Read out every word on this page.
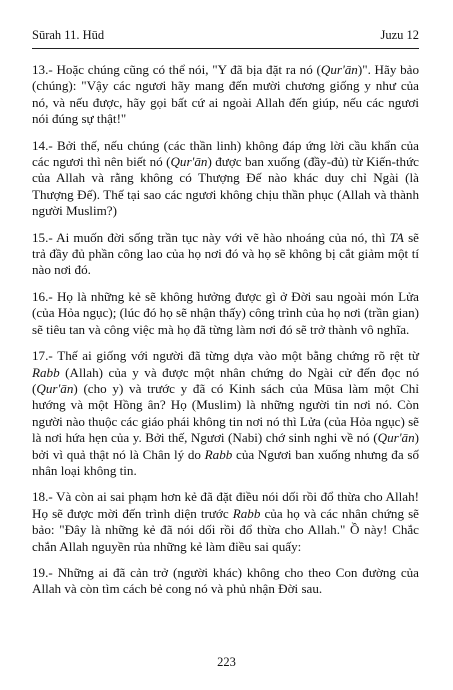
Sūrah 11. Hūd	Juzu 12

13.- Hoặc chúng cũng có thể nói, "Y đã bịa đặt ra nó (Qur'ān)". Hãy bảo (chúng): "Vậy các ngươi hãy mang đến mười chương giống y như của nó, và nếu được, hãy gọi bất cứ ai ngoài Allah đến giúp, nếu các ngươi nói đúng sự thật!"

14.- Bởi thế, nếu chúng (các thần linh) không đáp ứng lời cầu khẩn của các ngươi thì nên biết nó (Qur'ān) được ban xuống (đầy-đủ) từ Kiến-thức của Allah và rằng không có Thượng Đế nào khác duy chỉ Ngài (là Thượng Đế). Thế tại sao các ngươi không chịu thần phục (Allah và thành người Muslim?)

15.- Ai muốn đời sống trần tục này với vẽ hào nhoáng của nó, thì TA sẽ trả đầy đủ phần công lao của họ nơi đó và họ sẽ không bị cắt giảm một tí nào nơi đó.

16.- Họ là những kẻ sẽ không hưởng được gì ở Đời sau ngoài món Lửa (của Hỏa ngục); (lúc đó họ sẽ nhận thấy) công trình của họ nơi (trần gian) sẽ tiêu tan và công việc mà họ đã từng làm nơi đó sẽ trở thành vô nghĩa.

17.- Thế ai giống với người đã từng dựa vào một bằng chứng rõ rệt từ Rabb (Allah) của y và được một nhân chứng do Ngài cử đến đọc nó (Qur'ān) (cho y) và trước y đã có Kinh sách của Mūsa làm một Chỉ hướng và một Hồng ân? Họ (Muslim) là những người tin nơi nó. Còn người nào thuộc các giáo phái không tin nơi nó thì Lửa (của Hỏa ngục) sẽ là nơi hứa hẹn của y. Bởi thế, Ngươi (Nabi) chớ sinh nghi về nó (Qur'ān) bởi vì quả thật nó là Chân lý do Rabb của Ngươi ban xuống nhưng đa số nhân loại không tin.

18.- Và còn ai sai phạm hơn kẻ đã đặt điều nói dối rồi đổ thừa cho Allah! Họ sẽ được mời đến trình diện trước Rabb của họ và các nhân chứng sẽ bảo: "Đây là những kẻ đã nói dối rồi đổ thừa cho Allah." Ồ này! Chắc chắn Allah nguyền rủa những kẻ làm điều sai quấy:

19.- Những ai đã cản trở (người khác) không cho theo Con đường của Allah và còn tìm cách bẻ cong nó và phủ nhận Đời sau.

223
